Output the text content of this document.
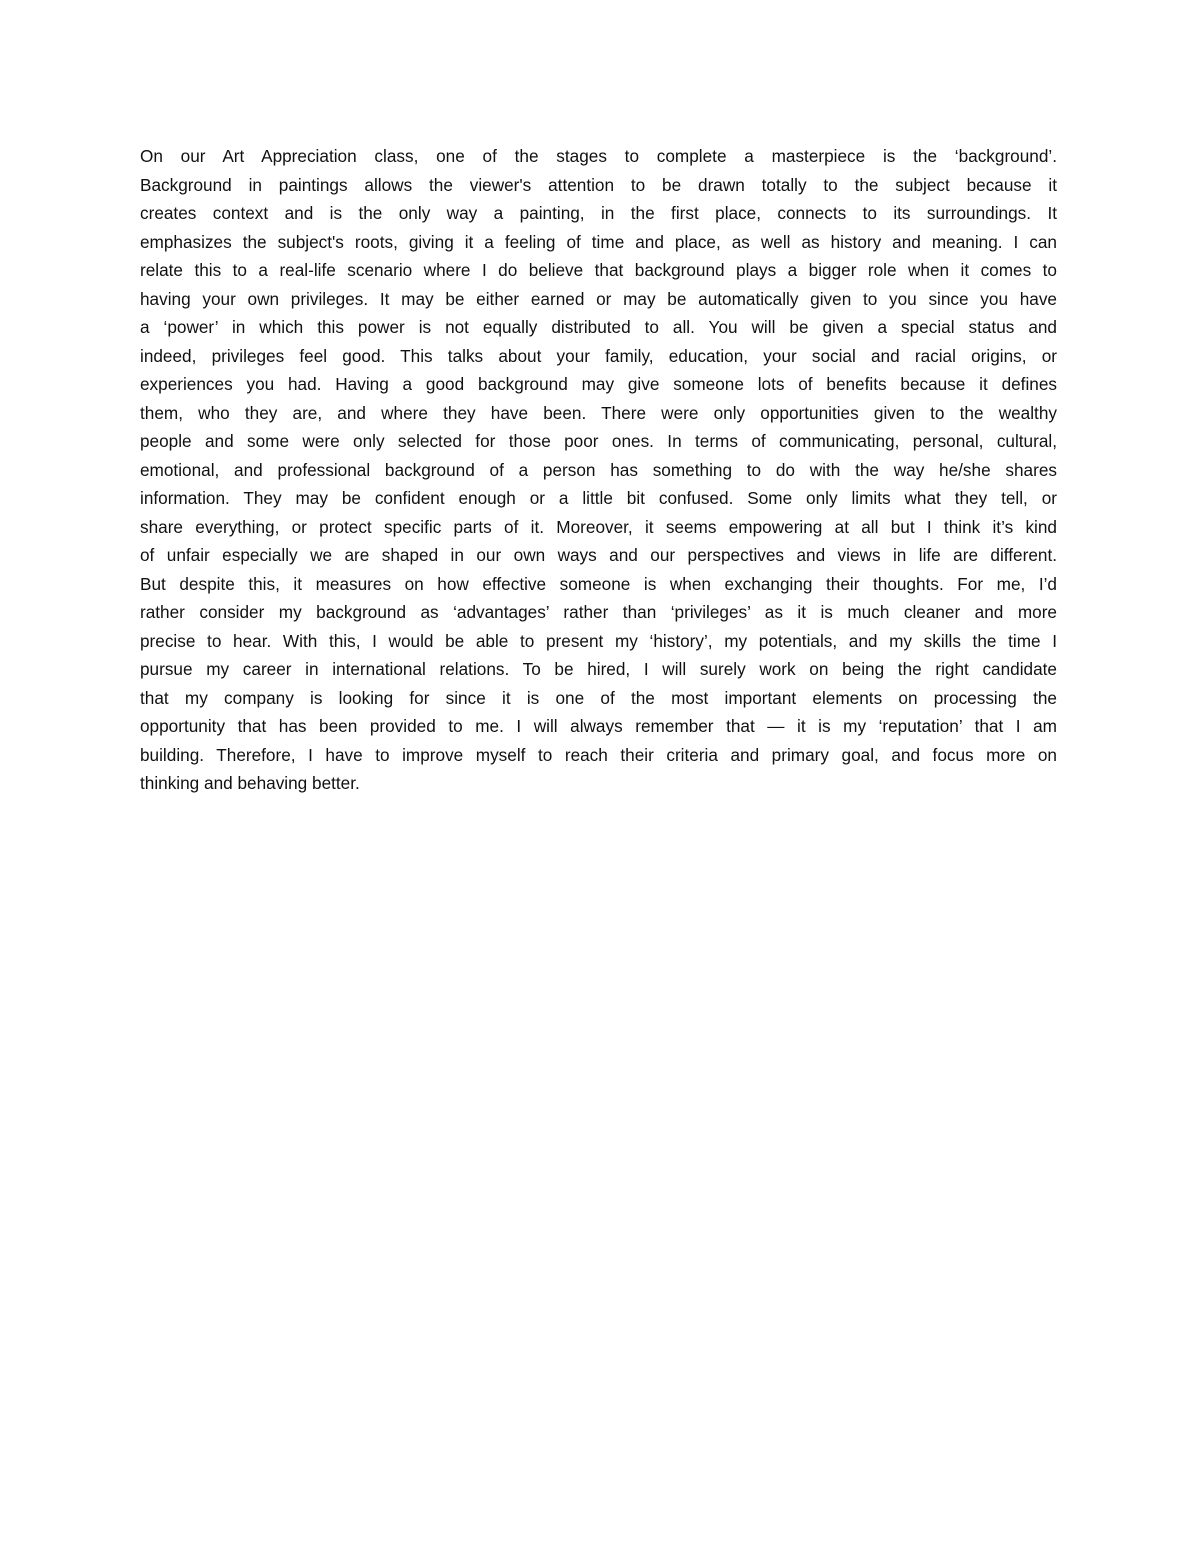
On our Art Appreciation class, one of the stages to complete a masterpiece is the ‘background’.
Background in paintings allows the viewer's attention to be drawn totally to the subject because it
creates context and is the only way a painting, in the first place, connects to its surroundings. It
emphasizes the subject's roots, giving it a feeling of time and place, as well as history and meaning. I can
relate this to a real-life scenario where I do believe that background plays a bigger role when it comes to
having your own privileges. It may be either earned or may be automatically given to you since you have
a ‘power’ in which this power is not equally distributed to all. You will be given a special status and
indeed, privileges feel good. This talks about your family, education, your social and racial origins, or
experiences you had. Having a good background may give someone lots of benefits because it defines
them, who they are, and where they have been. There were only opportunities given to the wealthy
people and some were only selected for those poor ones. In terms of communicating, personal, cultural,
emotional, and professional background of a person has something to do with the way he/she shares
information. They may be confident enough or a little bit confused. Some only limits what they tell, or
share everything, or protect specific parts of it. Moreover, it seems empowering at all but I think it’s kind
of unfair especially we are shaped in our own ways and our perspectives and views in life are different.
But despite this, it measures on how effective someone is when exchanging their thoughts. For me, I’d
rather consider my background as ‘advantages’ rather than ‘privileges’ as it is much cleaner and more
precise to hear. With this, I would be able to present my ‘history’, my potentials, and my skills the time I
pursue my career in international relations. To be hired, I will surely work on being the right candidate
that my company is looking for since it is one of the most important elements on processing the
opportunity that has been provided to me. I will always remember that — it is my ‘reputation’ that I am
building. Therefore, I have to improve myself to reach their criteria and primary goal, and focus more on
thinking and behaving better.
